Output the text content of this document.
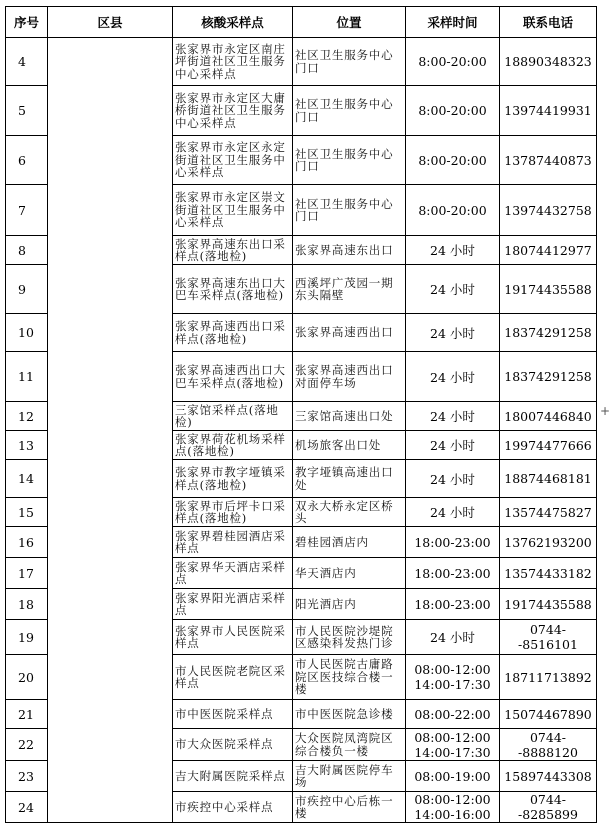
序号	区县	核酸采样点	位置	采样时间	联系电话
4		张家界市永定区南庄坪街道社区卫生服务中心采样点	社区卫生服务中心门口	8:00-20:00	18890348323
5		张家界市永定区大庸桥街道社区卫生服务中心采样点	社区卫生服务中心门口	8:00-20:00	13974419931
6		张家界市永定区永定街道社区卫生服务中心采样点	社区卫生服务中心门口	8:00-20:00	13787440873
7		张家界市永定区崇文街道社区卫生服务中心采样点	社区卫生服务中心门口	8:00-20:00	13974432758
8		张家界高速东出口采样点(落地检)	张家界高速东出口	24 小时	18074412977
9		张家界高速东出口大巴车采样点(落地检)	西溪坪广茂园一期东头隔壁	24 小时	19174435588
10		张家界高速西出口采样点(落地检)	张家界高速西出口	24 小时	18374291258
11		张家界高速西出口大巴车采样点(落地检)	张家界高速西出口对面停车场	24 小时	18374291258
12		三家馆采样点(落地检)	三家馆高速出口处	24 小时	18007446840
13		张家界荷花机场采样点(落地检)	机场旅客出口处	24 小时	19974477666
14		张家界市教字垭镇采样点(落地检)	教字垭镇高速出口处	24 小时	18874468181
15		张家界市后坪卡口采样点(落地检)	双永大桥永定区桥头	24 小时	13574475827
16		张家界碧桂园酒店采样点	碧桂园酒店内	18:00-23:00	13762193200
17		张家界华天酒店采样点	华天酒店内	18:00-23:00	13574433182
18		张家界阳光酒店采样点	阳光酒店内	18:00-23:00	19174435588
19		张家界市人民医院采样点	市人民医院沙堤院区感染科发热门诊	24 小时	0744--8516101
20		市人民医院老院区采样点	市人民医院古庸路院区医技综合楼一楼	08:00-12:00
14:00-17:30	18711713892
21		市中医医院采样点	市中医医院急诊楼	08:00-22:00	15074467890
22		市大众医院采样点	大众医院凤湾院区综合楼负一楼	08:00-12:00
14:00-17:30	0744--8888120
23		吉大附属医院采样点	吉大附属医院停车场	08:00-19:00	15897443308
24		市疾控中心采样点	市疾控中心后栋一楼	08:00-12:00
14:00-16:00	0744--8285899
+
